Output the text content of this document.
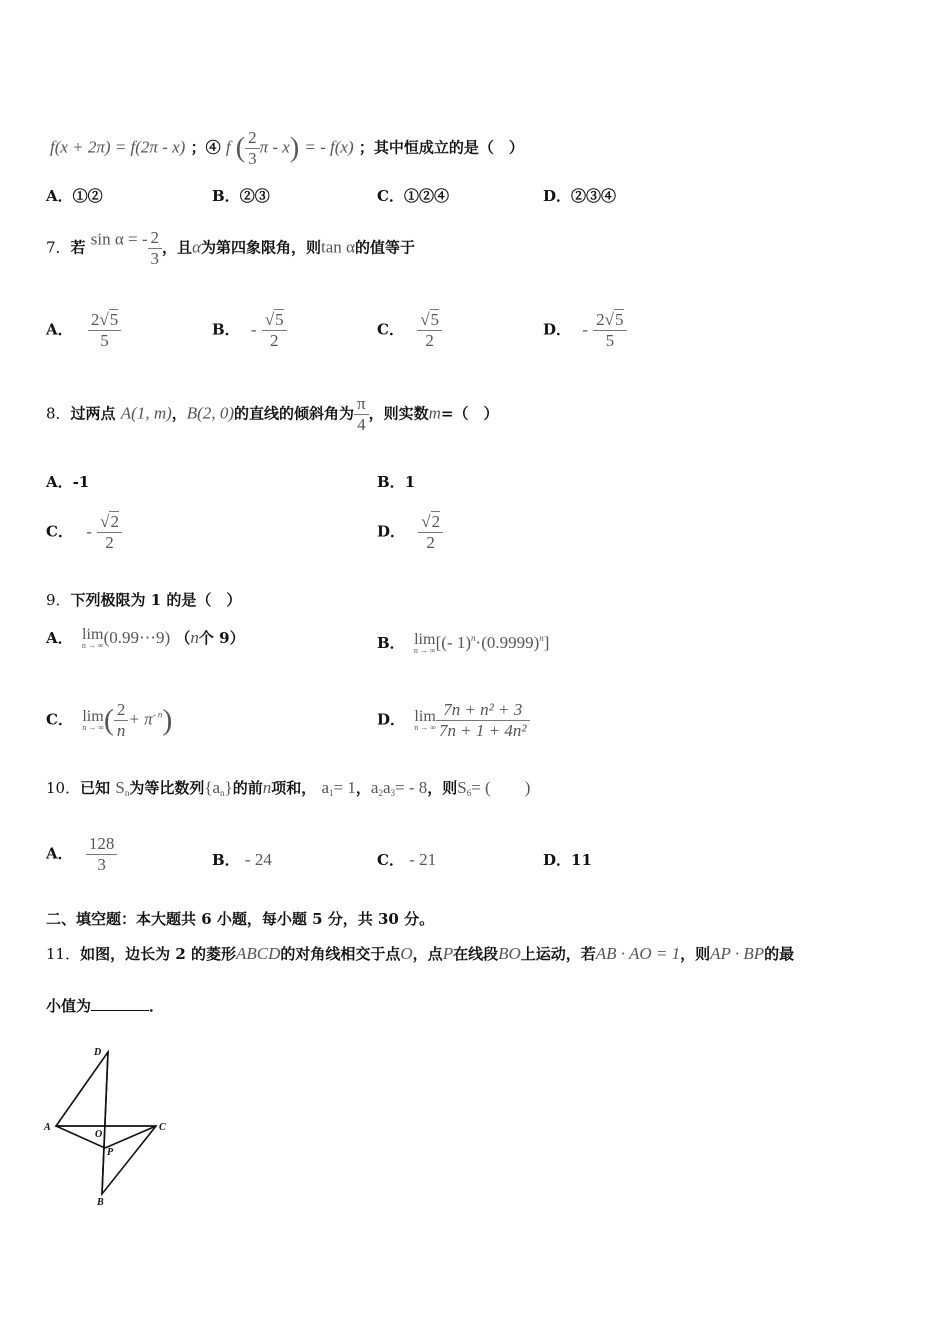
f(x + 2π) = f(2π - x) ；④ f ( $\frac{2}{3}$ π - x) = - f(x) ；其中恒成立的是（　）
A．①②	B．②③	C．①②④	D．②③④
7．若 sin α = - $\frac{2}{3}$ ，且α为第四象限角，则tan α的值等于
A． $\frac{2√5}{5}$	B． - $\frac{√5}{2}$	C． $\frac{√5}{2}$	D． - $\frac{2√5}{5}$
8．过两点 A(1, m)，B(2, 0)的直线的倾斜角为 $\frac{\pi}{4}$ ，则实数m=（　）
A．-1	B．1
C． - $\frac{√2}{2}$	D． $\frac{√2}{2}$
9．下列极限为 1 的是（　）
A． lim
n → ∞ (0.99⋯9) （n个 9）	B． lim
n → ∞ [(- $1)^n\cdot(0.9999)^n$]
C． lim
n → ∞ ( $\frac{2}{n} + \pi^{- n}$)	D． lim
n → ∞ $\frac{\text{7n + n² + 3}}{\text{7n + 1 + 4n²}}$
10．已知 $S_n$为等比数列$\{a_n\}$的前n项和， $a_1= 1$，$a_2a_3= - 8$，则$S_6=$ (　　)
A． $\frac{128}{3}$	B． - 24	C． - 21	D．11
二、填空题：本大题共 6 小题，每小题 5 分，共 30 分。
11．如图，边长为 2 的菱形ABCD的对角线相交于点O，点P在线段BO上运动，若AB · AO = 1，则AP · BP的最
小值为	．
D
A	C
O
P
B
